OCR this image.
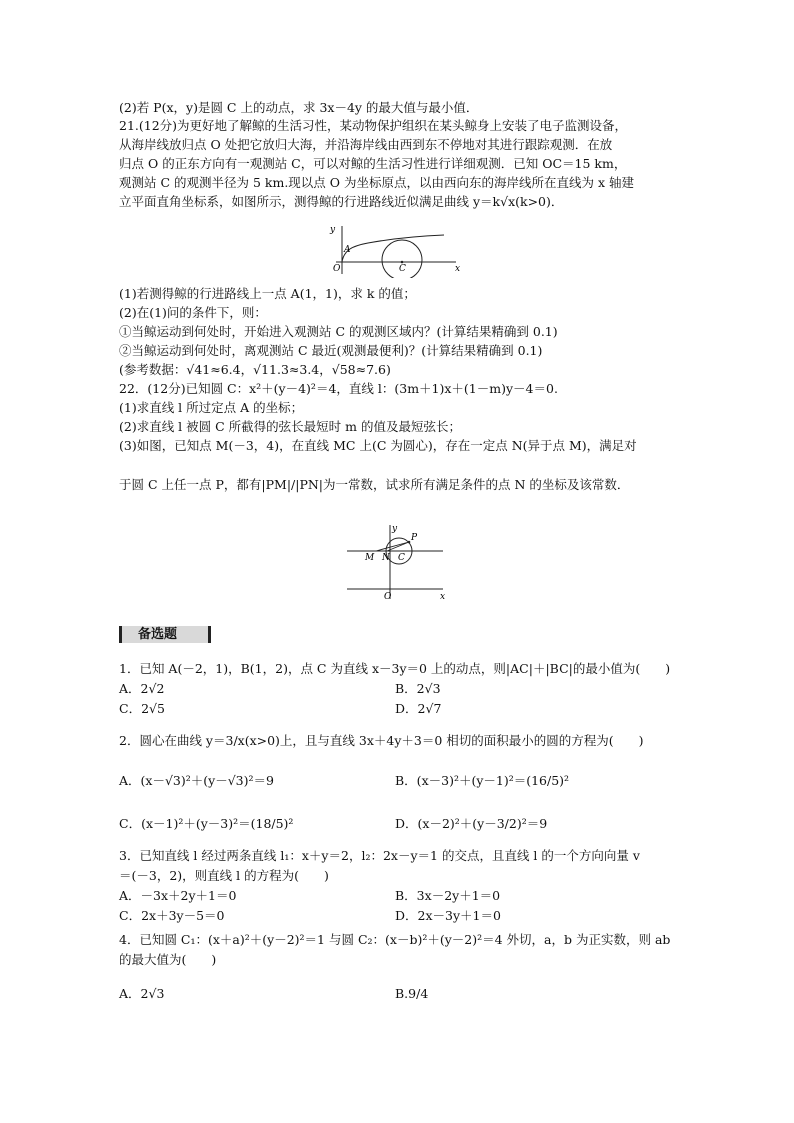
(2)若 P(x，y)是圆 C 上的动点，求 3x－4y 的最大值与最小值．
21.(12分)为更好地了解鲸的生活习性，某动物保护组织在某头鲸身上安装了电子监测设备，
从海岸线放归点 O 处把它放归大海，并沿海岸线由西到东不停地对其进行跟踪观测．在放
归点 O 的正东方向有一观测站 C，可以对鲸的生活习性进行详细观测．已知 OC＝15 km，
观测站 C 的观测半径为 5 km.现以点 O 为坐标原点，以由西向东的海岸线所在直线为 x 轴建
立平面直角坐标系，如图所示，测得鲸的行进路线近似满足曲线 y＝k√x(k>0)．
y
A
O	C	x
(1)若测得鲸的行进路线上一点 A(1，1)，求 k 的值；
(2)在(1)问的条件下，则：
①当鲸运动到何处时，开始进入观测站 C 的观测区域内？(计算结果精确到 0.1)
②当鲸运动到何处时，离观测站 C 最近(观测最便利)？(计算结果精确到 0.1)
(参考数据：√41≈6.4，√11.3≈3.4，√58≈7.6)
22．(12分)已知圆 C：x²＋(y－4)²＝4，直线 l：(3m＋1)x＋(1－m)y－4＝0.
(1)求直线 l 所过定点 A 的坐标；
(2)求直线 l 被圆 C 所截得的弦长最短时 m 的值及最短弦长；
(3)如图，已知点 M(－3，4)，在直线 MC 上(C 为圆心)，存在一定点 N(异于点 M)，满足对
于圆 C 上任一点 P，都有|PM|/|PN|为一常数，试求所有满足条件的点 N 的坐标及该常数．
y
P
M N C
O	x
备选题
1．已知 A(－2，1)，B(1，2)，点 C 为直线 x－3y＝0 上的动点，则|AC|＋|BC|的最小值为(　　)
A．2√2	B．2√3
C．2√5	D．2√7
2．圆心在曲线 y＝3/x(x>0)上，且与直线 3x＋4y＋3＝0 相切的面积最小的圆的方程为(　　)
A．(x－√3)²＋(y－√3)²＝9	B．(x－3)²＋(y－1)²＝(16/5)²
C．(x－1)²＋(y－3)²＝(18/5)²	D．(x－2)²＋(y－3/2)²＝9
3．已知直线 l 经过两条直线 l₁：x＋y＝2，l₂：2x－y＝1 的交点，且直线 l 的一个方向向量 v
＝(－3，2)，则直线 l 的方程为(　　)
A．－3x＋2y＋1＝0	B．3x－2y＋1＝0
C．2x＋3y－5＝0	D．2x－3y＋1＝0
4．已知圆 C₁：(x＋a)²＋(y－2)²＝1 与圆 C₂：(x－b)²＋(y－2)²＝4 外切，a，b 为正实数，则 ab
的最大值为(　　)
A．2√3	B.9/4
